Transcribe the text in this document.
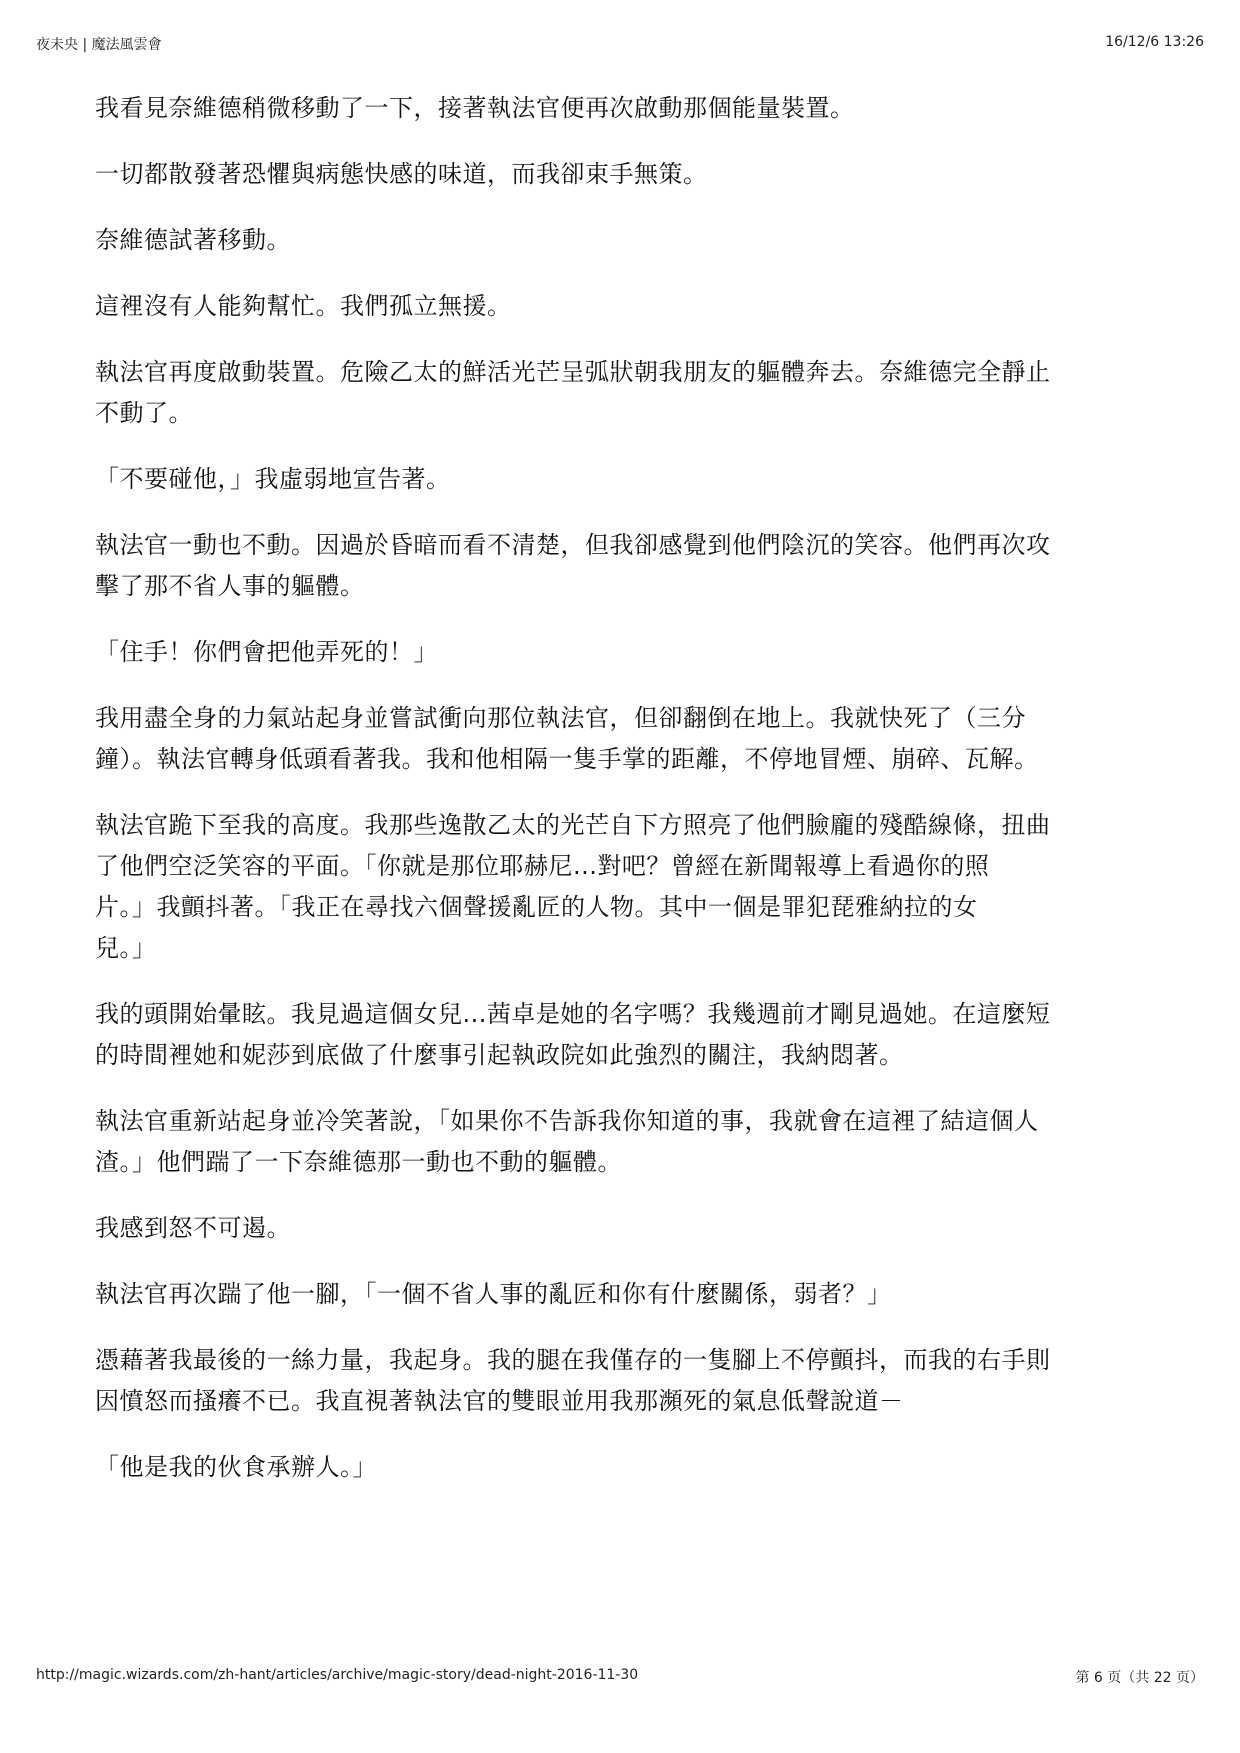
夜未央 | 魔法風雲會	16/12/6 13:26

我看見奈維德稍微移動了一下，接著執法官便再次啟動那個能量裝置。

一切都散發著恐懼與病態快感的味道，而我卻束手無策。

奈維德試著移動。

這裡沒有人能夠幫忙。我們孤立無援。

執法官再度啟動裝置。危險乙太的鮮活光芒呈弧狀朝我朋友的軀體奔去。奈維德完全靜止
不動了。

「不要碰他，」我虛弱地宣告著。

執法官一動也不動。因過於昏暗而看不清楚，但我卻感覺到他們陰沉的笑容。他們再次攻
擊了那不省人事的軀體。

「住手！你們會把他弄死的！」

我用盡全身的力氣站起身並嘗試衝向那位執法官，但卻翻倒在地上。我就快死了（三分
鐘）。執法官轉身低頭看著我。我和他相隔一隻手掌的距離，不停地冒煙、崩碎、瓦解。

執法官跪下至我的高度。我那些逸散乙太的光芒自下方照亮了他們臉龐的殘酷線條，扭曲
了他們空泛笑容的平面。「你就是那位耶赫尼...對吧？曾經在新聞報導上看過你的照
片。」我顫抖著。「我正在尋找六個聲援亂匠的人物。其中一個是罪犯琵雅納拉的女
兒。」

我的頭開始暈眩。我見過這個女兒...茜卓是她的名字嗎？我幾週前才剛見過她。在這麼短
的時間裡她和妮莎到底做了什麼事引起執政院如此強烈的關注，我納悶著。

執法官重新站起身並冷笑著說，「如果你不告訴我你知道的事，我就會在這裡了結這個人
渣。」他們踹了一下奈維德那一動也不動的軀體。

我感到怒不可遏。

執法官再次踹了他一腳，「一個不省人事的亂匠和你有什麼關係，弱者？」

憑藉著我最後的一絲力量，我起身。我的腿在我僅存的一隻腳上不停顫抖，而我的右手則
因憤怒而搔癢不已。我直視著執法官的雙眼並用我那瀕死的氣息低聲說道－

「他是我的伙食承辦人。」

http://magic.wizards.com/zh-hant/articles/archive/magic-story/dead-night-2016-11-30	第 6 页（共 22 页）
